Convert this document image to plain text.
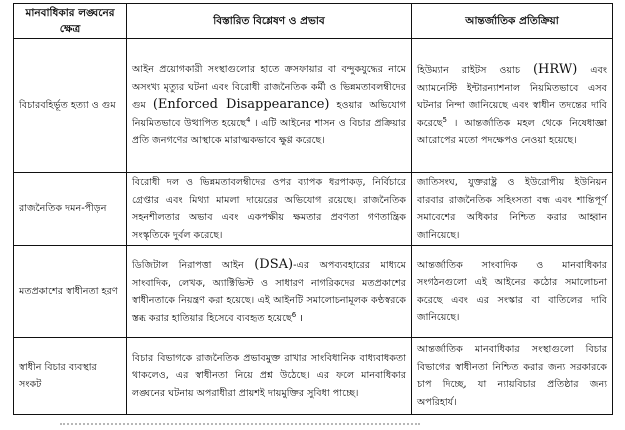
মানবাধিকার লঙ্ঘনের ক্ষেত্র	বিস্তারিত বিশ্লেষণ ও প্রভাব	আন্তর্জাতিক প্রতিক্রিয়া
বিচারবহির্ভূত হত্যা ও গুম	আইন প্রয়োগকারী সংস্থাগুলোর হাতে ক্রসফায়ার বা বন্দুকযুদ্ধের নামে অসংখ্য মৃত্যুর ঘটনা এবং বিরোধী রাজনৈতিক কর্মী ও ভিন্নমতাবলম্বীদের গুম (Enforced Disappearance) হওয়ার অভিযোগ নিয়মিতভাবে উত্থাপিত হয়েছে$^4$ । এটি আইনের শাসন ও বিচার প্রক্রিয়ার প্রতি জনগণের আস্থাকে মারাত্মকভাবে ক্ষুণ্ণ করেছে।	হিউম্যান রাইটস ওয়াচ (HRW) এবং অ্যামনেস্টি ইন্টারন্যাশনাল নিয়মিতভাবে এসব ঘটনার নিন্দা জানিয়েছে এবং স্বাধীন তদন্তের দাবি করেছে$^5$ । আন্তর্জাতিক মহল থেকে নিষেধাজ্ঞা আরোপের মতো পদক্ষেপও নেওয়া হয়েছে।
রাজনৈতিক দমন-পীড়ন	বিরোধী দল ও ভিন্নমতাবলম্বীদের ওপর ব্যাপক ধরপাকড়, নির্বিচারে গ্রেপ্তার এবং মিথ্যা মামলা দায়েরের অভিযোগ রয়েছে। রাজনৈতিক সহনশীলতার অভাব এবং একপক্ষীয় ক্ষমতার প্রবণতা গণতান্ত্রিক সংস্কৃতিকে দুর্বল করেছে।	জাতিসংঘ, যুক্তরাষ্ট্র ও ইউরোপীয় ইউনিয়ন বারবার রাজনৈতিক সহিংসতা বন্ধ এবং শান্তিপূর্ণ সমাবেশের অধিকার নিশ্চিত করার আহ্বান জানিয়েছে।
মতপ্রকাশের স্বাধীনতা হরণ	ডিজিটাল নিরাপত্তা আইন (DSA)-এর অপব্যবহারের মাধ্যমে সাংবাদিক, লেখক, অ্যাক্টিভিস্ট ও সাধারণ নাগরিকদের মতপ্রকাশের স্বাধীনতাকে নিয়ন্ত্রণ করা হয়েছে। এই আইনটি সমালোচনামূলক কণ্ঠস্বরকে স্তব্ধ করার হাতিয়ার হিসেবে ব্যবহৃত হয়েছে$^6$ ।	আন্তর্জাতিক সাংবাদিক ও মানবাধিকার সংগঠনগুলো এই আইনের কঠোর সমালোচনা করেছে এবং এর সংস্কার বা বাতিলের দাবি জানিয়েছে।
স্বাধীন বিচার ব্যবস্থার সংকট	বিচার বিভাগকে রাজনৈতিক প্রভাবমুক্ত রাখার সাংবিধানিক বাধ্যবাধকতা থাকলেও, এর স্বাধীনতা নিয়ে প্রশ্ন উঠেছে। এর ফলে মানবাধিকার লঙ্ঘনের ঘটনায় অপরাধীরা প্রায়শই দায়মুক্তির সুবিধা পাচ্ছে।	আন্তর্জাতিক মানবাধিকার সংস্থাগুলো বিচার বিভাগের স্বাধীনতা নিশ্চিত করার জন্য সরকারকে চাপ দিচ্ছে, যা ন্যায়বিচার প্রতিষ্ঠার জন্য অপরিহার্য।
